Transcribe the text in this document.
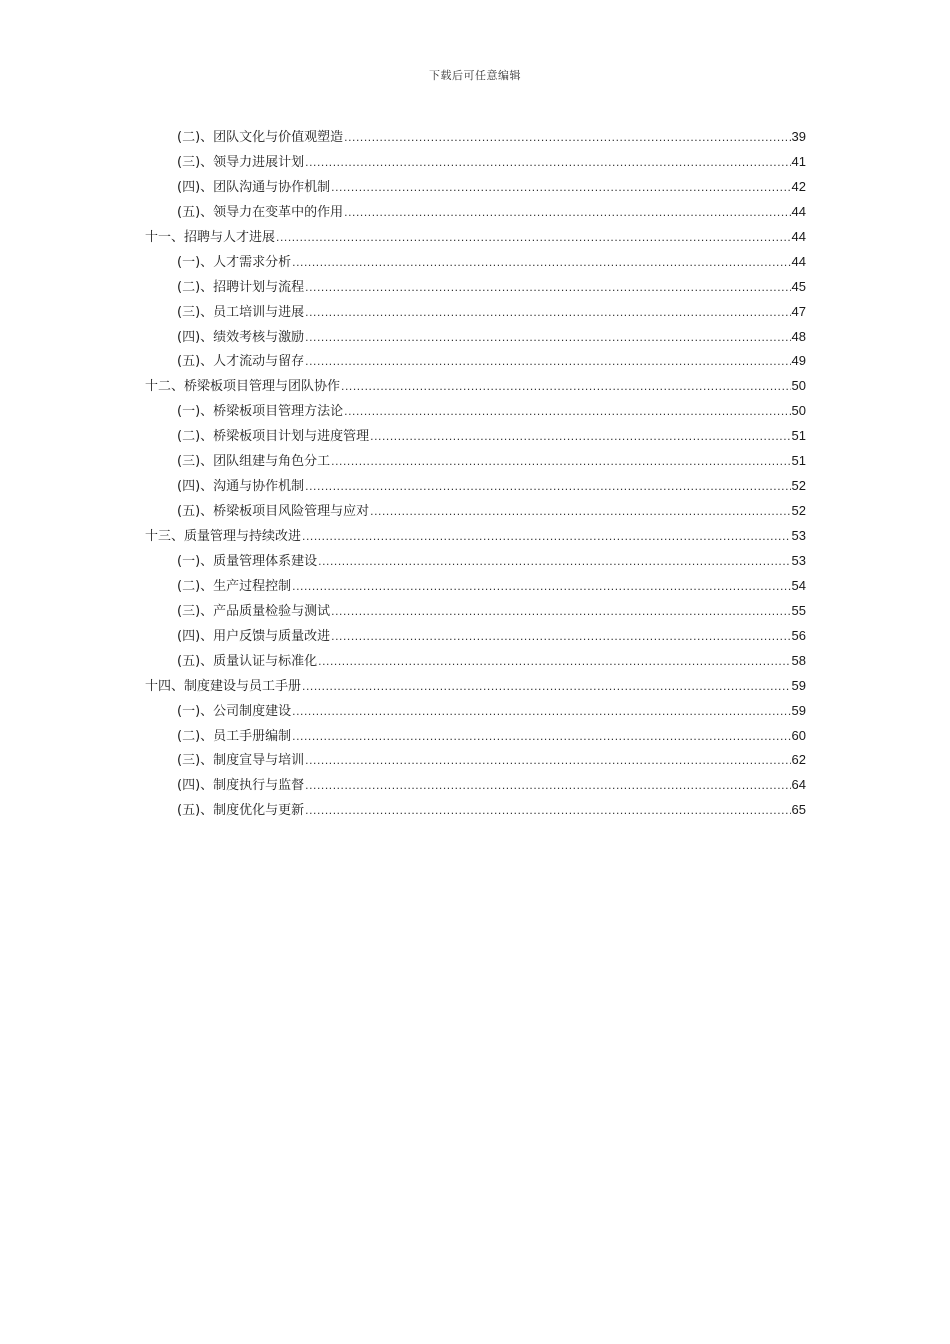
下载后可任意编辑
(二)、团队文化与价值观塑造 .....	39
(三)、领导力进展计划 .....	41
(四)、团队沟通与协作机制 .....	42
(五)、领导力在变革中的作用 .....	44
十一、招聘与人才进展 .....	44
(一)、人才需求分析 .....	44
(二)、招聘计划与流程 .....	45
(三)、员工培训与进展 .....	47
(四)、绩效考核与激励 .....	48
(五)、人才流动与留存 .....	49
十二、桥梁板项目管理与团队协作 .....	50
(一)、桥梁板项目管理方法论 .....	50
(二)、桥梁板项目计划与进度管理 .....	51
(三)、团队组建与角色分工 .....	51
(四)、沟通与协作机制 .....	52
(五)、桥梁板项目风险管理与应对 .....	52
十三、质量管理与持续改进 .....	53
(一)、质量管理体系建设 .....	53
(二)、生产过程控制 .....	54
(三)、产品质量检验与测试 .....	55
(四)、用户反馈与质量改进 .....	56
(五)、质量认证与标准化 .....	58
十四、制度建设与员工手册 .....	59
(一)、公司制度建设 .....	59
(二)、员工手册编制 .....	60
(三)、制度宣导与培训 .....	62
(四)、制度执行与监督 .....	64
(五)、制度优化与更新 .....	65
